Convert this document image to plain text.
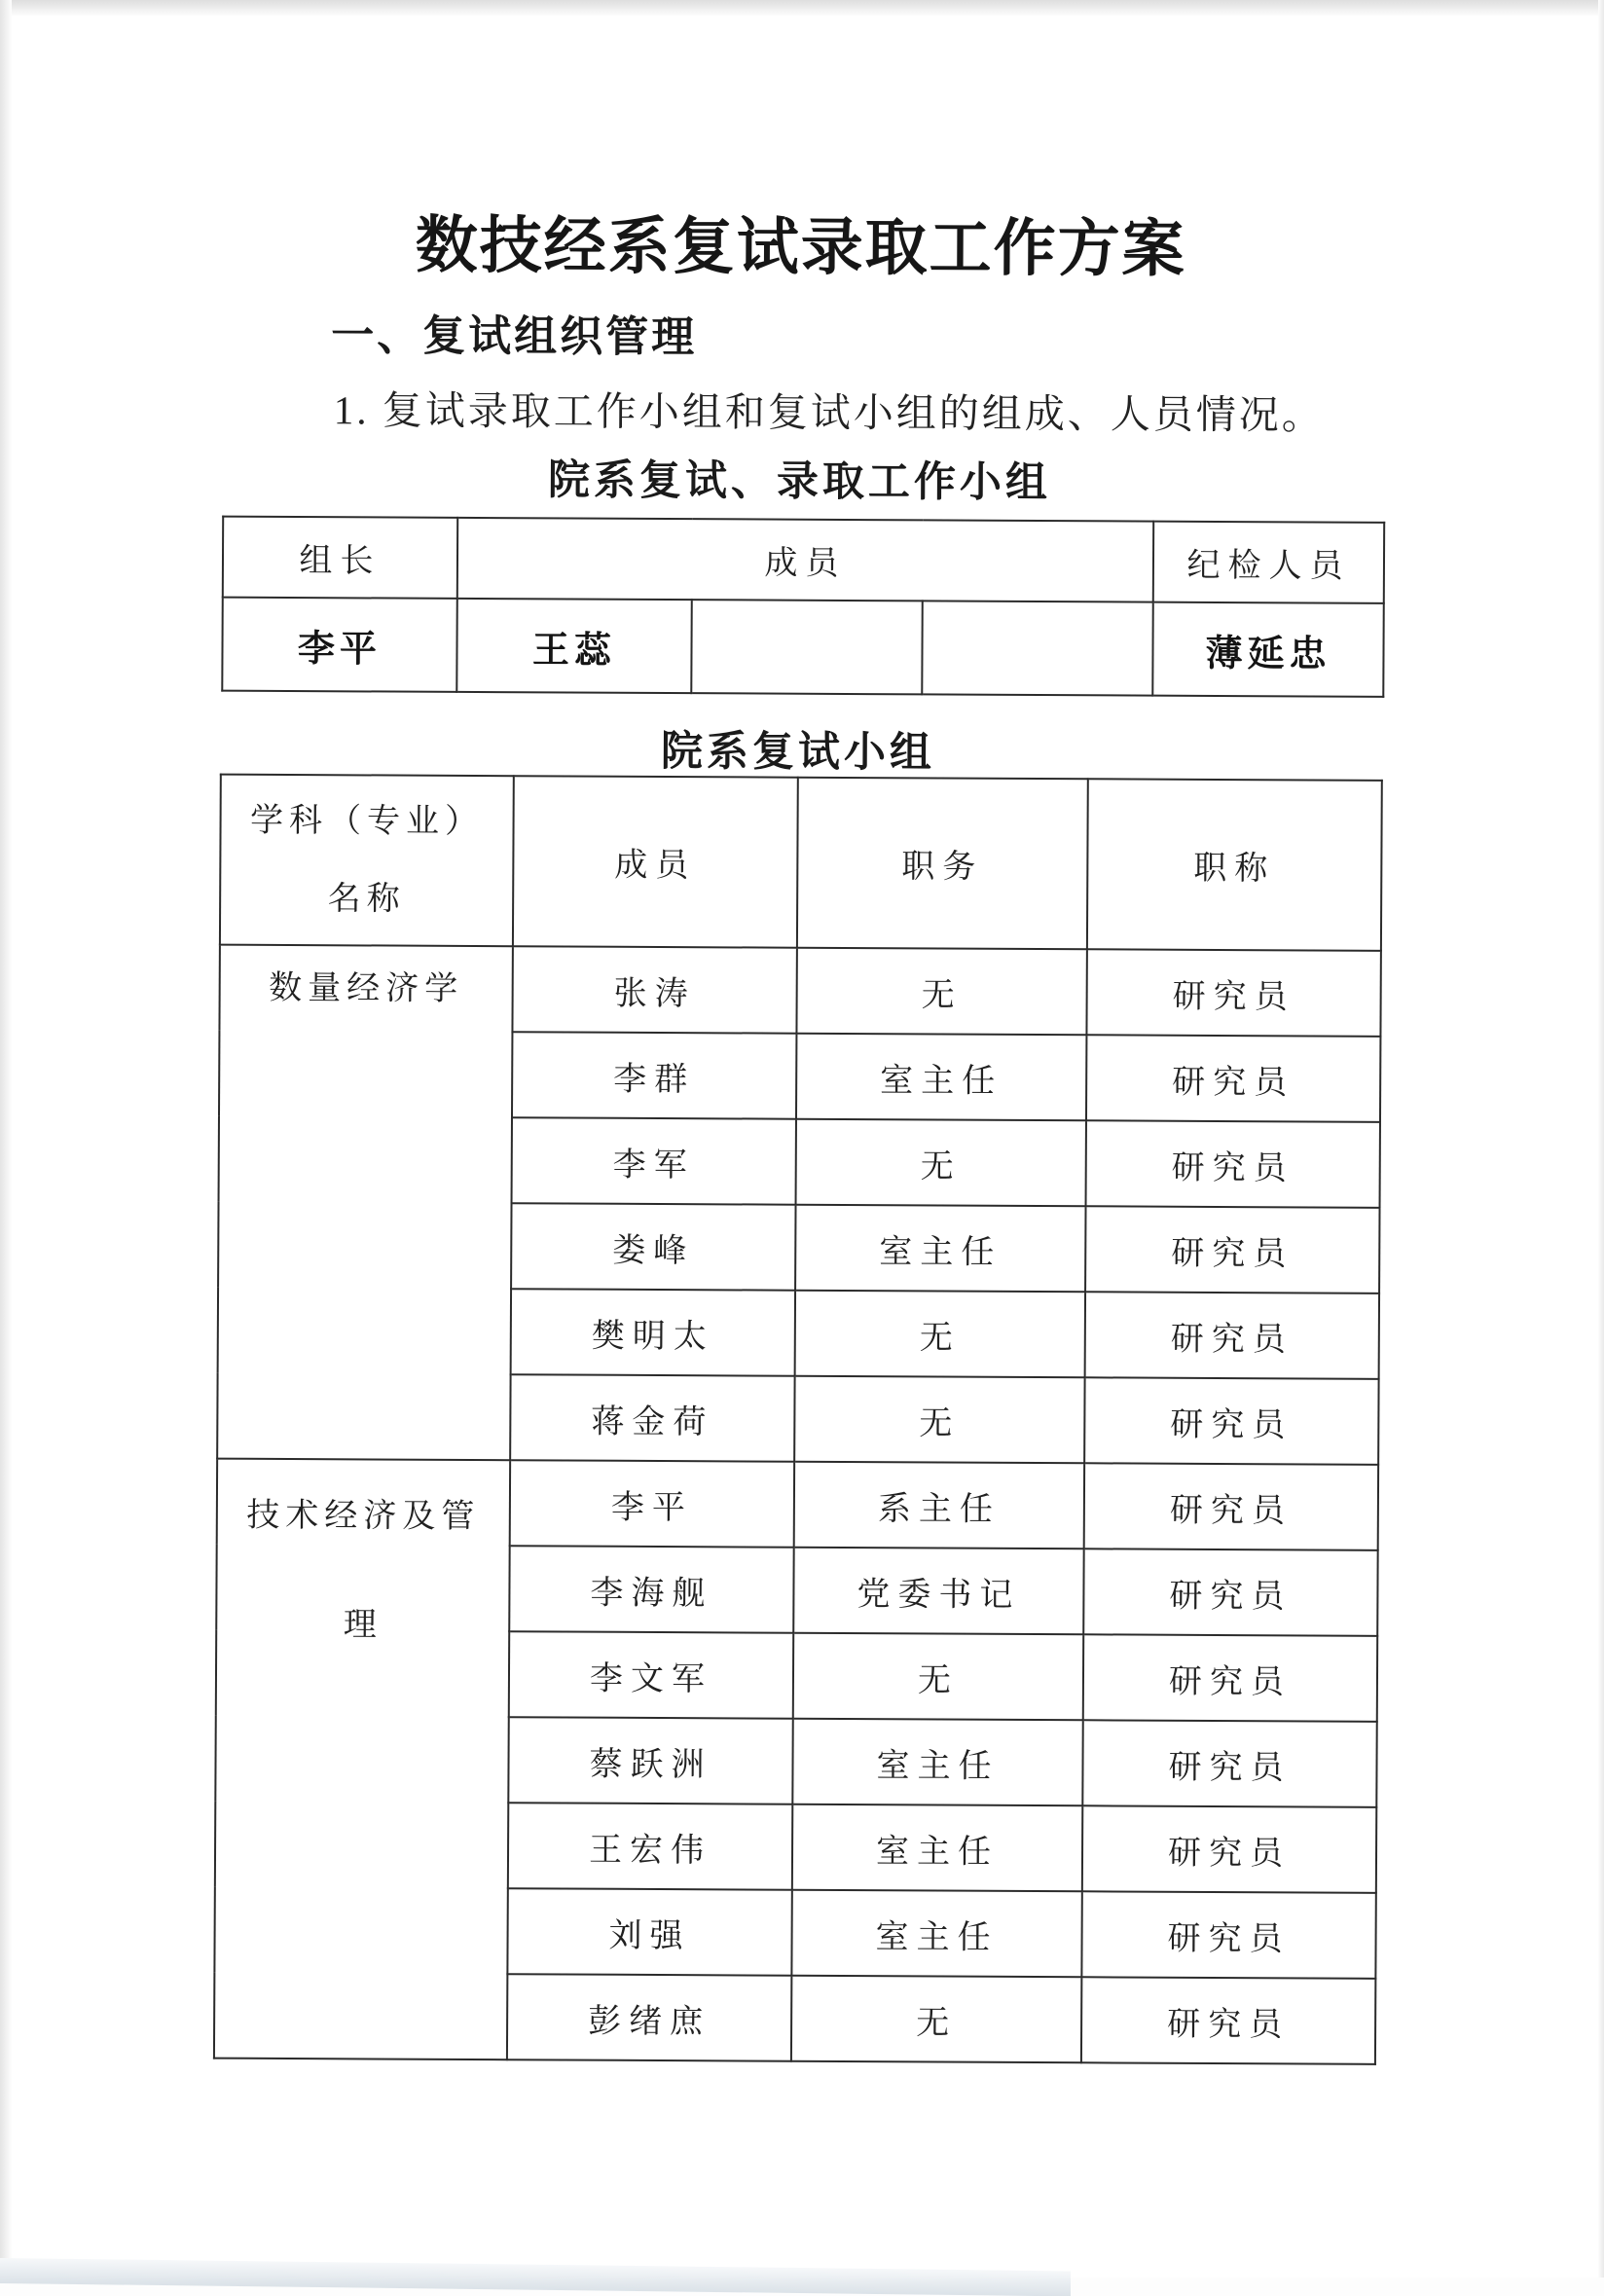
数技经系复试录取工作方案
一、复试组织管理
1. 复试录取工作小组和复试小组的组成、人员情况。
院系复试、录取工作小组
组长	成员			纪检人员
李平	王蕊			薄延忠
院系复试小组
学科（专业）名称	成员	职务	职称
数量经济学	张涛	无	研究员
	李群	室主任	研究员
	李军	无	研究员
	娄峰	室主任	研究员
	樊明太	无	研究员
	蒋金荷	无	研究员
技术经济及管理	李平	系主任	研究员
	李海舰	党委书记	研究员
	李文军	无	研究员
	蔡跃洲	室主任	研究员
	王宏伟	室主任	研究员
	刘强	室主任	研究员
	彭绪庶	无	研究员
